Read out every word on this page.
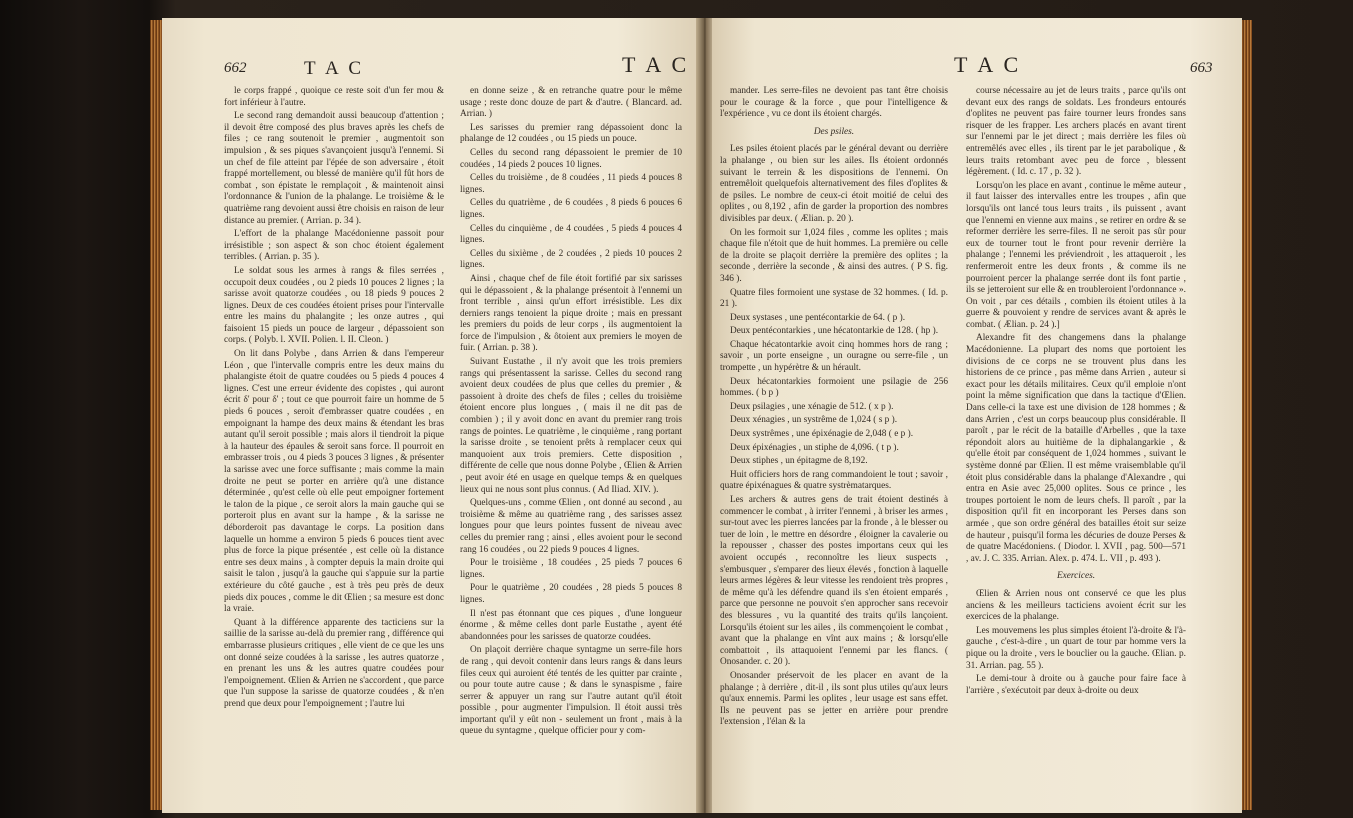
662	T A C	T A C

le corps frappé , quoique ce reste soit d'un fer mou & fort inférieur à l'autre.

Le second rang demandoit aussi beaucoup d'attention ; il devoit être composé des plus braves après les chefs de files ; ce rang soutenoit le premier , augmentoit son impulsion , & ses piques s'avançoient jusqu'à l'ennemi. Si un chef de file atteint par l'épée de son adversaire , étoit frappé mortellement, ou blessé de manière qu'il fût hors de combat , son épistate le remplaçoit , & maintenoit ainsi l'ordonnance & l'union de la phalange. Le troisième & le quatrième rang devoient aussi être choisis en raison de leur distance au premier. ( Arrian. p. 34 ).

L'effort de la phalange Macédonienne passoit pour irrésistible ; son aspect & son choc étoient également terribles. ( Arrian. p. 35 ).

Le soldat sous les armes à rangs & files serrées , occupoit deux coudées , ou 2 pieds 10 pouces 2 lignes ; la sarisse avoit quatorze coudées , ou 18 pieds 9 pouces 2 lignes. Deux de ces coudées étoient prises pour l'intervalle entre les mains du phalangite ; les onze autres , qui faisoient 15 pieds un pouce de largeur , dépassoient son corps. ( Polyb. l. XVII. Polien. l. II. Cleon. )

On lit dans Polybe , dans Arrien & dans l'empereur Léon , que l'intervalle compris entre les deux mains du phalangiste étoit de quatre coudées ou 5 pieds 4 pouces 4 lignes. C'est une erreur évidente des copistes , qui auront écrit δ' pour δ' ; tout ce que pourroit faire un homme de 5 pieds 6 pouces , seroit d'embrasser quatre coudées , en empoignant la hampe des deux mains & étendant les bras autant qu'il seroit possible ; mais alors il tiendroit la pique à la hauteur des épaules & seroit sans force. Il pourroit en embrasser trois , ou 4 pieds 3 pouces 3 lignes , & présenter la sarisse avec une force suffisante ; mais comme la main droite ne peut se porter en arrière qu'à une distance déterminée , qu'est celle où elle peut empoigner fortement le talon de la pique , ce seroit alors la main gauche qui se porteroit plus en avant sur la hampe , & la sarisse ne déborderoit pas davantage le corps. La position dans laquelle un homme a environ 5 pieds 6 pouces tient avec plus de force la pique présentée , est celle où la distance entre ses deux mains , à compter depuis la main droite qui saisit le talon , jusqu'à la gauche qui s'appuie sur la partie extérieure du côté gauche , est à très peu près de deux pieds dix pouces , comme le dit Œlien ; sa mesure est donc la vraie.

Quant à la différence apparente des tacticiens sur la saillie de la sarisse au-delà du premier rang , différence qui embarrasse plusieurs critiques , elle vient de ce que les uns ont donné seize coudées à la sarisse , les autres quatorze , en prenant les uns & les autres quatre coudées pour l'empoignement. Œlien & Arrien ne s'accordent , que parce que l'un suppose la sarisse de quatorze coudées , & n'en prend que deux pour l'empoignement ; l'autre lui

en donne seize , & en retranche quatre pour le même usage ; reste donc douze de part & d'autre. ( Blancard. ad. Arrian. )

Les sarisses du premier rang dépassoient donc la phalange de 12 coudées , ou 15 pieds un pouce.

Celles du second rang dépassoient le premier de 10 coudées , 14 pieds 2 pouces 10 lignes.

Celles du troisième , de 8 coudées , 11 pieds 4 pouces 8 lignes.

Celles du quatrième , de 6 coudées , 8 pieds 6 pouces 6 lignes.

Celles du cinquième , de 4 coudées , 5 pieds 4 pouces 4 lignes.

Celles du sixième , de 2 coudées , 2 pieds 10 pouces 2 lignes.

Ainsi , chaque chef de file étoit fortifié par six sarisses qui le dépassoient , & la phalange présentoit à l'ennemi un front terrible , ainsi qu'un effort irrésistible. Les dix derniers rangs tenoient la pique droite ; mais en pressant les premiers du poids de leur corps , ils augmentoient la force de l'impulsion , & ôtoient aux premiers le moyen de fuir. ( Arrian. p. 38 ).

Suivant Eustathe , il n'y avoit que les trois premiers rangs qui présentassent la sarisse. Celles du second rang avoient deux coudées de plus que celles du premier , & passoient à droite des chefs de files ; celles du troisième étoient encore plus longues , ( mais il ne dit pas de combien ) ; il y avoit donc en avant du premier rang trois rangs de pointes. Le quatrième , le cinquième , rang portant la sarisse droite , se tenoient prêts à remplacer ceux qui manquoient aux trois premiers. Cette disposition , différente de celle que nous donne Polybe , Œlien & Arrien , peut avoir été en usage en quelque temps & en quelques lieux qui ne nous sont plus connus. ( Ad Iliad. XIV. ).

Quelques-uns , comme Œlien , ont donné au second , au troisième & même au quatrième rang , des sarisses assez longues pour que leurs pointes fussent de niveau avec celles du premier rang ; ainsi , elles avoient pour le second rang 16 coudées , ou 22 pieds 9 pouces 4 lignes.

Pour le troisième , 18 coudées , 25 pieds 7 pouces 6 lignes.

Pour le quatrième , 20 coudées , 28 pieds 5 pouces 8 lignes.

Il n'est pas étonnant que ces piques , d'une longueur énorme , & même celles dont parle Eustathe , ayent été abandonnées pour les sarisses de quatorze coudées.

On plaçoit derrière chaque syntagme un serre-file hors de rang , qui devoit contenir dans leurs rangs & dans leurs files ceux qui auroient été tentés de les quitter par crainte , ou pour toute autre cause ; & dans le synaspisme , faire serrer & appuyer un rang sur l'autre autant qu'il étoit possible , pour augmenter l'impulsion. Il étoit aussi très important qu'il y eût non - seulement un front , mais à la queue du syntagme , quelque officier pour y com-

T A C	663

mander. Les serre-files ne devoient pas tant être choisis pour le courage & la force , que pour l'intelligence & l'expérience , vu ce dont ils étoient chargés.

Des psiles.

Les psiles étoient placés par le général devant ou derrière la phalange , ou bien sur les ailes. Ils étoient ordonnés suivant le terrein & les dispositions de l'ennemi. On entremêloit quelquefois alternativement des files d'oplites & de psiles. Le nombre de ceux-ci étoit moitié de celui des oplites , ou 8,192 , afin de garder la proportion des nombres divisibles par deux. ( Ælian. p. 20 ).

On les formoit sur 1,024 files , comme les oplites ; mais chaque file n'étoit que de huit hommes. La première ou celle de la droite se plaçoit derrière la première des oplites ; la seconde , derrière la seconde , & ainsi des autres. ( P S. fig. 346 ).

Quatre files formoient une systase de 32 hommes. ( Id. p. 21 ).

Deux systases , une pentécontarkie de 64. ( p ).

Deux pentécontarkies , une hécatontarkie de 128. ( hp ).

Chaque hécatontarkie avoit cinq hommes hors de rang ; savoir , un porte enseigne , un ouragne ou serre-file , un trompette , un hypérètre & un hérault.

Deux hécatontarkies formoient une psilagie de 256 hommes. ( b p )

Deux psilagies , une xénagie de 512. ( x p ).

Deux xénagies , un systrême de 1,024 ( s p ).

Deux systrêmes , une épixénagie de 2,048 ( e p ).

Deux épixénagies , un stiphe de 4,096. ( t p ).

Deux stiphes , un épitagme de 8,192.

Huit officiers hors de rang commandoient le tout ; savoir , quatre épixénagues & quatre systrèmatarques.

Les archers & autres gens de trait étoient destinés à commencer le combat , à irriter l'ennemi , à briser les armes , sur-tout avec les pierres lancées par la fronde , à le blesser ou tuer de loin , le mettre en désordre , éloigner la cavalerie ou la repousser , chasser des postes importans ceux qui les avoient occupés , reconnoître les lieux suspects , s'embusquer , s'emparer des lieux élevés , fonction à laquelle leurs armes légères & leur vitesse les rendoient très propres , de même qu'à les défendre quand ils s'en étoient emparés , parce que personne ne pouvoit s'en approcher sans recevoir des blessures , vu la quantité des traits qu'ils lançoient. Lorsqu'ils étoient sur les ailes , ils commençoient le combat , avant que la phalange en vînt aux mains ; & lorsqu'elle combattoit , ils attaquoient l'ennemi par les flancs. ( Onosander. c. 20 ).

Onosander préservoit de les placer en avant de la phalange ; à derrière , dit-il , ils sont plus utiles qu'aux leurs qu'aux ennemis. Parmi les oplites , leur usage est sans effet. Ils ne peuvent pas se jetter en arrière pour prendre l'extension , l'élan & la

course nécessaire au jet de leurs traits , parce qu'ils ont devant eux des rangs de soldats. Les frondeurs entourés d'oplites ne peuvent pas faire tourner leurs frondes sans risquer de les frapper. Les archers placés en avant tirent sur l'ennemi par le jet direct ; mais derrière les files où entremêlés avec elles , ils tirent par le jet parabolique , & leurs traits retombant avec peu de force , blessent légèrement. ( Id. c. 17 , p. 32 ).

Lorsqu'on les place en avant , continue le même auteur , il faut laisser des intervalles entre les troupes , afin que lorsqu'ils ont lancé tous leurs traits , ils puissent , avant que l'ennemi en vienne aux mains , se retirer en ordre & se reformer derrière les serre-files. Il ne seroit pas sûr pour eux de tourner tout le front pour revenir derrière la phalange ; l'ennemi les préviendroit , les attaqueroit , les renfermeroit entre les deux fronts , & comme ils ne pourroient percer la phalange serrée dont ils font partie , ils se jetteroient sur elle & en troubleroient l'ordonnance ». On voit , par ces détails , combien ils étoient utiles à la guerre & pouvoient y rendre de services avant & après le combat. ( Ælian. p. 24 ).]

Alexandre fit des changemens dans la phalange Macédonienne. La plupart des noms que portoient les divisions de ce corps ne se trouvent plus dans les historiens de ce prince , pas même dans Arrien , auteur si exact pour les détails militaires. Ceux qu'il emploie n'ont point la même signification que dans la tactique d'Œlien. Dans celle-ci la taxe est une division de 128 hommes ; & dans Arrien , c'est un corps beaucoup plus considérable. Il paroît , par le récit de la bataille d'Arbelles , que la taxe répondoit alors au huitième de la diphalangarkie , & qu'elle étoit par conséquent de 1,024 hommes , suivant le système donné par Œlien. Il est même vraisemblable qu'il étoit plus considérable dans la phalange d'Alexandre , qui entra en Asie avec 25,000 oplites. Sous ce prince , les troupes portoient le nom de leurs chefs. Il paroît , par la disposition qu'il fit en incorporant les Perses dans son armée , que son ordre général des batailles étoit sur seize de hauteur , puisqu'il forma les décuries de douze Perses & de quatre Macédoniens. ( Diodor. l. XVII , pag. 500—571 , av. J. C. 335. Arrian. Alex. p. 474. L. VII , p. 493 ).

Exercices.

Œlien & Arrien nous ont conservé ce que les plus anciens & les meilleurs tacticiens avoient écrit sur les exercices de la phalange.

Les mouvemens les plus simples étoient l'à-droite & l'à-gauche , c'est-à-dire , un quart de tour par homme vers la pique ou la droite , vers le bouclier ou la gauche. Œlian. p. 31. Arrian. pag. 55 ).

Le demi-tour à droite ou à gauche pour faire face à l'arrière , s'exécutoit par deux à-droite ou deux
